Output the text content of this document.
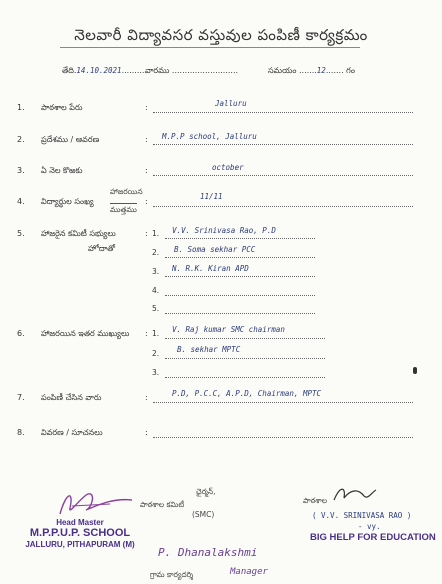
నెలవారీ విద్యావసర వస్తువుల పంపిణీ కార్యక్రమం
తేది.14.10.2021..........
వారము ..........................	సమయం .......12....... గం
1. పాఠశాల పేరు	:	Jalluru
2. ప్రదేశము / ఆవరణ	: M.P.P school, Jalluru
3. ఏ నెల కొఱకు	:	october
4. విద్యార్థుల సంఖ్య
హాజరయిన
ముత్తము
:
11/11
5. హాజరైన కమిటీ సభ్యులు
హోదాతో
: 1. V.V. Srinivasa Rao, P.D
2. B. Soma sekhar PCC
3. N. R.K. Kiran APD
4.
5.
6. హాజరయిన ఇతర ముఖ్యులు : 1. V. Raj kumar SMC chairman
2. B. sekhar MPTC
3.
7. పంపిణీ చేసిన వారు	:	P.D, P.C.C, A.P.D, Chairman, MPTC
8. వివరణ / సూచనలు	:
Head Master
M.P.P.U.P. SCHOOL
JALLURU, PITHAPURAM (M)
పాఠశాల కమిటీ
ఛైర్మన్,
(SMC)
పాఠశాల
( V.V. SRINIVASA RAO )
- vy.
BIG HELP FOR EDUCATION
P. Dhanalakshmi
గ్రామ కార్యదర్శి	Manager
